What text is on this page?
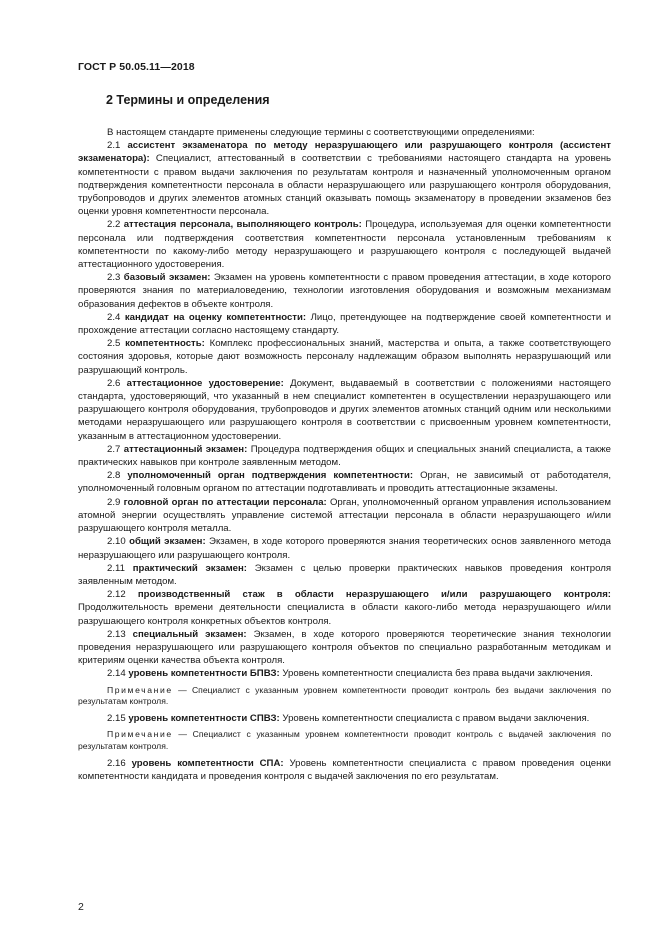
ГОСТ Р 50.05.11—2018
2 Термины и определения

В настоящем стандарте применены следующие термины с соответствующими определениями:

2.1 ассистент экзаменатора по методу неразрушающего или разрушающего контроля (ассистент экзаменатора): Специалист, аттестованный в соответствии с требованиями настоящего стандарта на уровень компетентности с правом выдачи заключения по результатам контроля и назначенный уполномоченным органом подтверждения компетентности персонала в области неразрушающего или разрушающего контроля оборудования, трубопроводов и других элементов атомных станций оказывать помощь экзаменатору в проведении экзаменов без оценки уровня компетентности персонала.

2.2 аттестация персонала, выполняющего контроль: Процедура, используемая для оценки компетентности персонала или подтверждения соответствия компетентности персонала установленным требованиям к компетентности по какому-либо методу неразрушающего и разрушающего контроля с последующей выдачей аттестационного удостоверения.

2.3 базовый экзамен: Экзамен на уровень компетентности с правом проведения аттестации, в ходе которого проверяются знания по материаловедению, технологии изготовления оборудования и возможным механизмам образования дефектов в объекте контроля.

2.4 кандидат на оценку компетентности: Лицо, претендующее на подтверждение своей компетентности и прохождение аттестации согласно настоящему стандарту.

2.5 компетентность: Комплекс профессиональных знаний, мастерства и опыта, а также соответствующего состояния здоровья, которые дают возможность персоналу надлежащим образом выполнять неразрушающий или разрушающий контроль.

2.6 аттестационное удостоверение: Документ, выдаваемый в соответствии с положениями настоящего стандарта, удостоверяющий, что указанный в нем специалист компетентен в осуществлении неразрушающего или разрушающего контроля оборудования, трубопроводов и других элементов атомных станций одним или несколькими методами неразрушающего или разрушающего контроля в соответствии с присвоенным уровнем компетентности, указанным в аттестационном удостоверении.

2.7 аттестационный экзамен: Процедура подтверждения общих и специальных знаний специалиста, а также практических навыков при контроле заявленным методом.

2.8 уполномоченный орган подтверждения компетентности: Орган, не зависимый от работодателя, уполномоченный головным органом по аттестации подготавливать и проводить аттестационные экзамены.

2.9 головной орган по аттестации персонала: Орган, уполномоченный органом управления использованием атомной энергии осуществлять управление системой аттестации персонала в области неразрушающего и/или разрушающего контроля металла.

2.10 общий экзамен: Экзамен, в ходе которого проверяются знания теоретических основ заявленного метода неразрушающего или разрушающего контроля.

2.11 практический экзамен: Экзамен с целью проверки практических навыков проведения контроля заявленным методом.

2.12 производственный стаж в области неразрушающего и/или разрушающего контроля: Продолжительность времени деятельности специалиста в области какого-либо метода неразрушающего и/или разрушающего контроля конкретных объектов контроля.

2.13 специальный экзамен: Экзамен, в ходе которого проверяются теоретические знания технологии проведения неразрушающего или разрушающего контроля объектов по специально разработанным методикам и критериям оценки качества объекта контроля.

2.14 уровень компетентности БПВЗ: Уровень компетентности специалиста без права выдачи заключения.

Примечание — Специалист с указанным уровнем компетентности проводит контроль без выдачи заключения по результатам контроля.

2.15 уровень компетентности СПВЗ: Уровень компетентности специалиста с правом выдачи заключения.

Примечание — Специалист с указанным уровнем компетентности проводит контроль с выдачей заключения по результатам контроля.

2.16 уровень компетентности СПА: Уровень компетентности специалиста с правом проведения оценки компетентности кандидата и проведения контроля с выдачей заключения по его результатам.

2
